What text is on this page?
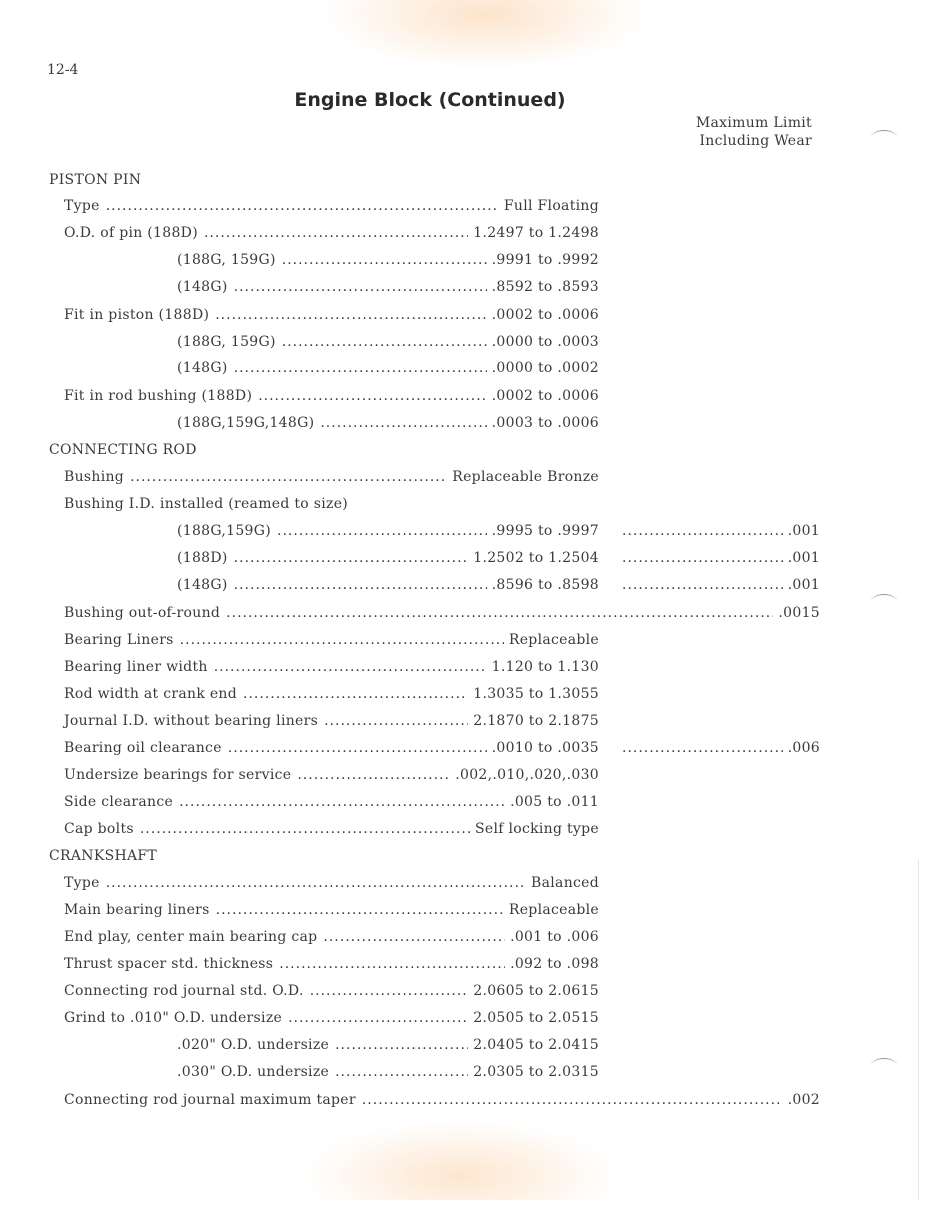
12-4
Engine Block (Continued)
Maximum Limit
Including Wear
PISTON PIN
Type .....	Full Floating
O.D. of pin (188D) .....	1.2497 to 1.2498
(188G, 159G) .....	.9991 to .9992
(148G) .....	.8592 to .8593
Fit in piston (188D) .....	.0002 to .0006
(188G, 159G) .....	.0000 to .0003
(148G) .....	.0000 to .0002
Fit in rod bushing (188D) .....	.0002 to .0006
(188G,159G,148G) .....	.0003 to .0006
CONNECTING ROD
Bushing .....	Replaceable Bronze
Bushing I.D. installed (reamed to size)
(188G,159G) .....	.9995 to .9997 .....	.001
(188D) .....	1.2502 to 1.2504 .....	.001
(148G) .....	.8596 to .8598 .....	.001
Bushing out-of-round .....	.0015
Bearing Liners .....	Replaceable
Bearing liner width .....	1.120 to 1.130
Rod width at crank end .....	1.3035 to 1.3055
Journal I.D. without bearing liners .....	2.1870 to 2.1875
Bearing oil clearance .....	.0010 to .0035 .....	.006
Undersize bearings for service .....	.002,.010,.020,.030
Side clearance .....	.005 to .011
Cap bolts .....	Self locking type
CRANKSHAFT
Type .....	Balanced
Main bearing liners .....	Replaceable
End play, center main bearing cap .....	.001 to .006
Thrust spacer std. thickness .....	.092 to .098
Connecting rod journal std. O.D. .....	2.0605 to 2.0615
Grind to .010" O.D. undersize .....	2.0505 to 2.0515
.020" O.D. undersize .....	2.0405 to 2.0415
.030" O.D. undersize .....	2.0305 to 2.0315
Connecting rod journal maximum taper .....	.002
